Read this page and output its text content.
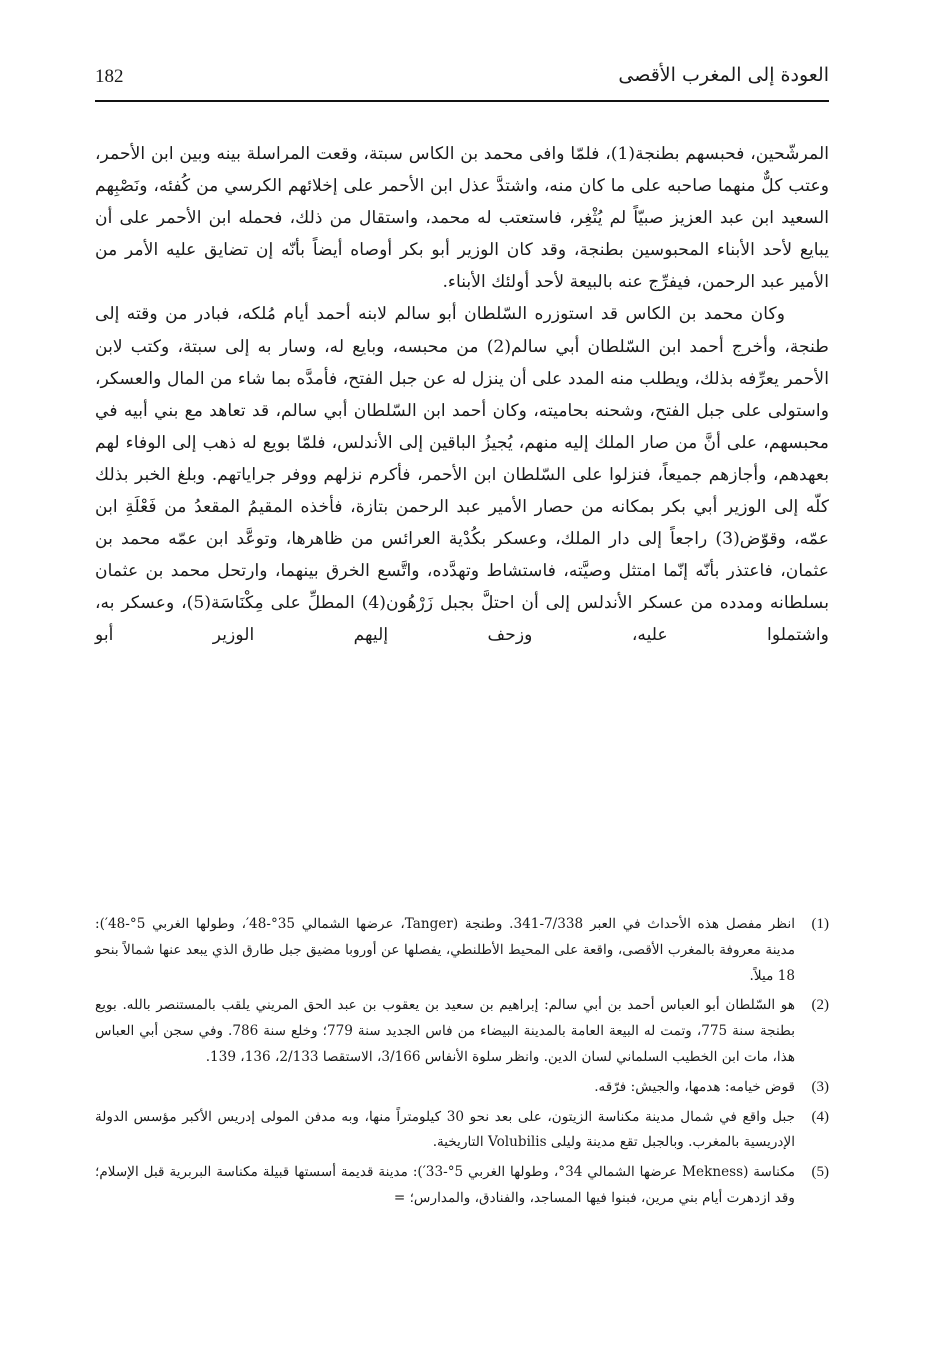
182	العودة إلى المغرب الأقصى

المرشّحين، فحبسهم بطنجة(1)، فلمّا وافى محمد بن الكاس سبتة، وقعت المراسلة بينه وبين ابن الأحمر، وعتب كلٌّ منهما صاحبه على ما كان منه، واشتدَّ عذل ابن الأحمر على إخلائهم الكرسي من كُفئه، ونَصْبِهم السعيد ابن عبد العزيز صبيّاً لم يُثْغِر، فاستعتب له محمد، واستقال من ذلك، فحمله ابن الأحمر على أن يبايع لأحد الأبناء المحبوسين بطنجة، وقد كان الوزير أبو بكر أوصاه أيضاً بأنّه إن تضايق عليه الأمر من الأمير عبد الرحمن، فيفرِّج عنه بالبيعة لأحد أولئك الأبناء.

وكان محمد بن الكاس قد استوزره السّلطان أبو سالم لابنه أحمد أيام مُلكه، فبادر من وقته إلى طنجة، وأخرج أحمد ابن السّلطان أبي سالم(2) من محبسه، وبايع له، وسار به إلى سبتة، وكتب لابن الأحمر يعرِّفه بذلك، ويطلب منه المدد على أن ينزل له عن جبل الفتح، فأمدَّه بما شاء من المال والعسكر، واستولى على جبل الفتح، وشحنه بحاميته، وكان أحمد ابن السّلطان أبي سالم، قد تعاهد مع بني أبيه في محبسهم، على أنَّ من صار الملك إليه منهم، يُجيزُ الباقين إلى الأندلس، فلمّا بويع له ذهب إلى الوفاء لهم بعهدهم، وأجازهم جميعاً، فنزلوا على السّلطان ابن الأحمر، فأكرم نزلهم ووفر جراياتهم. وبلغ الخبر بذلك كلّه إلى الوزير أبي بكر بمكانه من حصار الأمير عبد الرحمن بتازة، فأخذه المقيمُ المقعدُ من فَعْلَةِ ابن عمّه، وقوّض(3) راجعاً إلى دار الملك، وعسكر بكُدْية العرائس من ظاهرها، وتوعَّد ابن عمّه محمد بن عثمان، فاعتذر بأنّه إنّما امتثل وصيَّته، فاستشاط وتهدَّده، واتَّسع الخرق بينهما، وارتحل محمد بن عثمان بسلطانه ومدده من عسكر الأندلس إلى أن احتلَّ بجبل زَرْهُون(4) المطلِّ على مِكْنَاسَة(5)، وعسكر به، واشتملوا عليه، وزحف إليهم الوزير أبو

(1)
انظر مفصل هذه الأحداث في العبر 7/338-341. وطنجة (Tanger، عرضها الشمالي 35°-48′، وطولها الغربي 5°-48′): مدينة معروفة بالمغرب الأقصى، واقعة على المحيط الأطلنطي، يفصلها عن أوروبا مضيق جبل طارق الذي يبعد عنها شمالاً بنحو 18 ميلاً.
(2)
هو السّلطان أبو العباس أحمد بن أبي سالم: إبراهيم بن سعيد بن يعقوب بن عبد الحق المريني يلقب بالمستنصر بالله. بويع بطنجة سنة 775، وتمت له البيعة العامة بالمدينة البيضاء من فاس الجديد سنة 779؛ وخلع سنة 786. وفي سجن أبي العباس هذا، مات ابن الخطيب السلماني لسان الدين. وانظر سلوة الأنفاس 3/166، الاستقصا 2/133، 136، 139.
(3)
قوض خيامه: هدمها، والجيش: فرّقه.
(4)
جبل واقع في شمال مدينة مكناسة الزيتون، على بعد نحو 30 كيلومتراً منها، وبه مدفن المولى إدريس الأكبر مؤسس الدولة الإدريسية بالمغرب. وبالجبل تقع مدينة وليلى Volubilis التاريخية.
(5)
مكناسة (Mekness عرضها الشمالي 34°، وطولها الغربي 5°-33′): مدينة قديمة أسستها قبيلة مكناسة البربرية قبل الإسلام؛ وقد ازدهرت أيام بني مرين، فبنوا فيها المساجد، والفنادق، والمدارس؛ =
